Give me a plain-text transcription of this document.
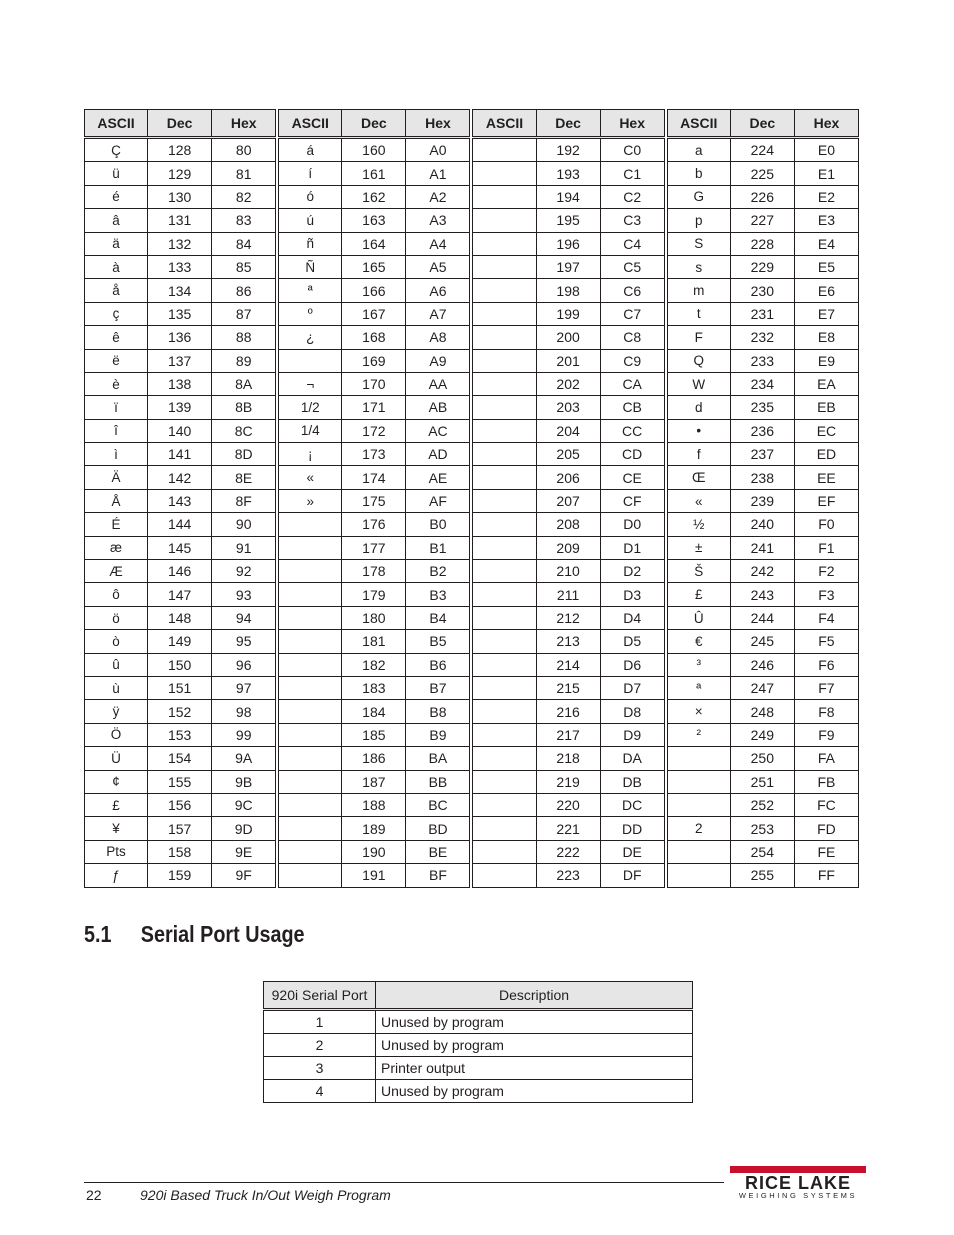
ASCII	Dec	Hex		ASCII	Dec	Hex		ASCII	Dec	Hex		ASCII	Dec	Hex
Ç	128	80		á	160	A0			192	C0		a	224	E0
ü	129	81		í	161	A1			193	C1		b	225	E1
é	130	82		ó	162	A2			194	C2		G	226	E2
â	131	83		ú	163	A3			195	C3		p	227	E3
ä	132	84		ñ	164	A4			196	C4		S	228	E4
à	133	85		Ñ	165	A5			197	C5		s	229	E5
å	134	86		ª	166	A6			198	C6		m	230	E6
ç	135	87		º	167	A7			199	C7		t	231	E7
ê	136	88		¿	168	A8			200	C8		F	232	E8
ë	137	89			169	A9			201	C9		Q	233	E9
è	138	8A		¬	170	AA			202	CA		W	234	EA
ï	139	8B		1/2	171	AB			203	CB		d	235	EB
î	140	8C		1/4	172	AC			204	CC		•	236	EC
ì	141	8D		¡	173	AD			205	CD		f	237	ED
Ä	142	8E		«	174	AE			206	CE		Œ	238	EE
Å	143	8F		»	175	AF			207	CF		«	239	EF
É	144	90			176	B0			208	D0		½	240	F0
æ	145	91			177	B1			209	D1		±	241	F1
Æ	146	92			178	B2			210	D2		Š	242	F2
ô	147	93			179	B3			211	D3		£	243	F3
ö	148	94			180	B4			212	D4		Û	244	F4
ò	149	95			181	B5			213	D5		€	245	F5
û	150	96			182	B6			214	D6		³	246	F6
ù	151	97			183	B7			215	D7		ª	247	F7
ÿ	152	98			184	B8			216	D8		×	248	F8
Ö	153	99			185	B9			217	D9		²	249	F9
Ü	154	9A			186	BA			218	DA			250	FA
¢	155	9B			187	BB			219	DB			251	FB
£	156	9C			188	BC			220	DC			252	FC
¥	157	9D			189	BD			221	DD		2	253	FD
Pts	158	9E			190	BE			222	DE			254	FE
ƒ	159	9F			191	BF			223	DF			255	FF
5.1 Serial Port Usage
920i Serial Port	Description
1	Unused by program
2	Unused by program
3	Printer output
4	Unused by program
22	920i Based Truck In/Out Weigh Program
RICE LAKE
WEIGHING SYSTEMS
